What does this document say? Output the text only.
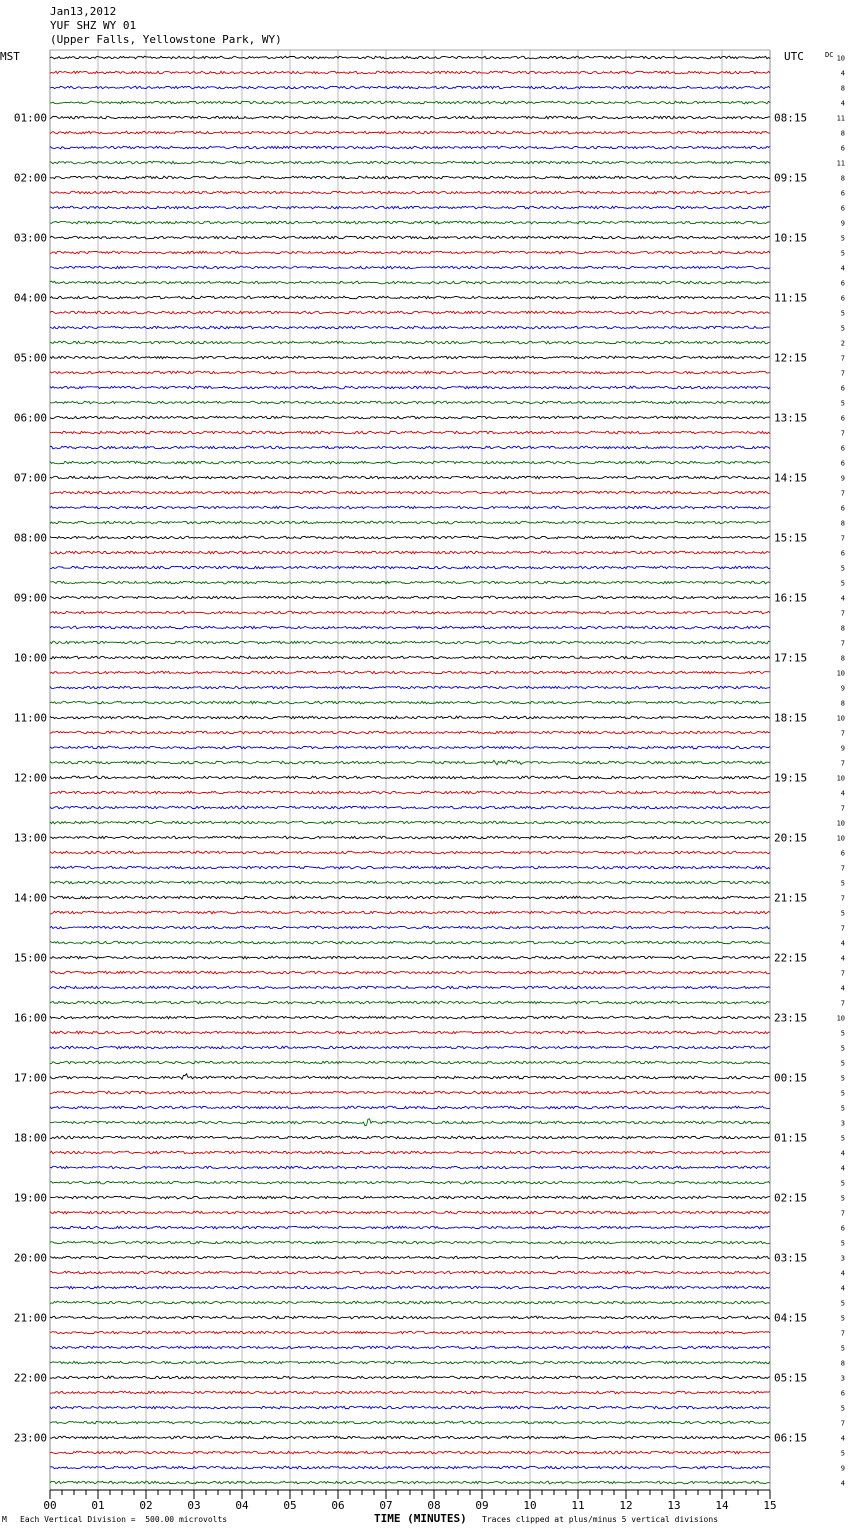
Jan13,2012
YUF SHZ WY 01
(Upper Falls, Yellowstone Park, WY)
10
4
8
4
11
8
6
11
8
6
6
9
5
5
4
6
6
5
5
2
7
7
6
5
6
7
6
6
9
7
6
8
7
6
5
5
4
7
8
7
8
10
9
8
10
7
9
7
10
4
7
10
10
6
7
5
7
5
7
4
4
7
4
7
10
5
5
5
5
5
5
3
5
4
4
5
5
7
6
5
3
4
4
5
5
7
5
8
3
6
5
7
4
5
9
4
MST	UTC	DC
01:00
02:00
03:00
04:00
05:00
06:00
07:00
08:00
09:00
10:00
11:00
12:00
13:00
14:00
15:00
16:00
17:00
18:00
19:00
20:00
21:00
22:00
23:00
08:15
09:15
10:15
11:15
12:15
13:15
14:15
15:15
16:15
17:15
18:15
19:15
20:15
21:15
22:15
23:15
00:15
01:15
02:15
03:15
04:15
05:15
06:15
00	01	02	03	04	05	06	07	08	09	10	11	12	13	14	15
M Each Vertical Division =  500.00 microvolts	TIME (MINUTES) Traces clipped at plus/minus 5 vertical divisions
